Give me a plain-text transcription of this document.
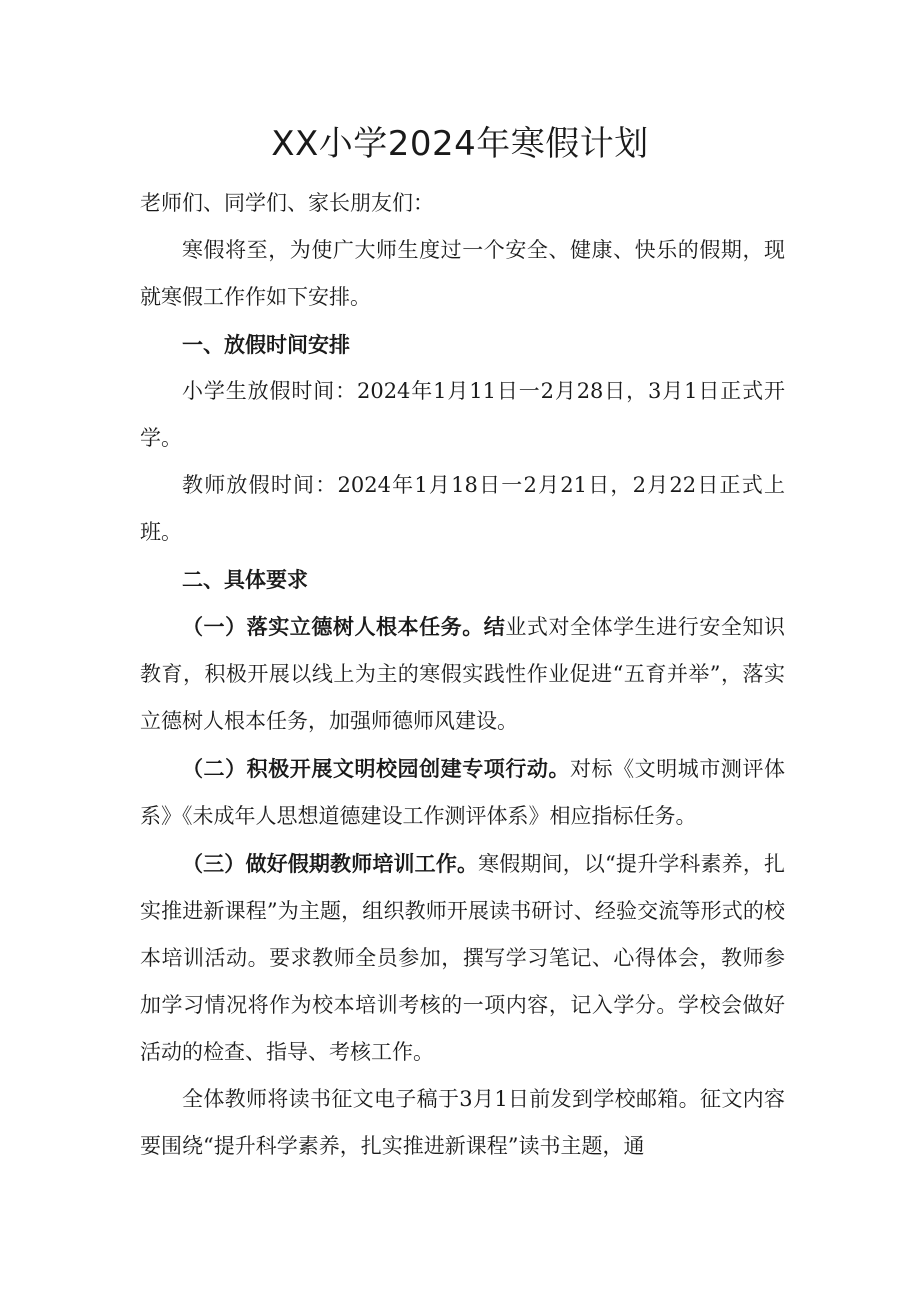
XX小学2024年寒假计划

老师们、同学们、家长朋友们：

寒假将至，为使广大师生度过一个安全、健康、快乐的假期，现就寒假工作作如下安排。

一、放假时间安排

小学生放假时间：2024年1月11日一2月28日，3月1日正式开学。

教师放假时间：2024年1月18日一2月21日，2月22日正式上班。

二、具体要求

（一）落实立德树人根本任务。结业式对全体学生进行安全知识教育，积极开展以线上为主的寒假实践性作业促进“五育并举”，落实立德树人根本任务，加强师德师风建设。

（二）积极开展文明校园创建专项行动。对标《文明城市测评体系》《未成年人思想道德建设工作测评体系》相应指标任务。

（三）做好假期教师培训工作。寒假期间，以“提升学科素养，扎实推进新课程”为主题，组织教师开展读书研讨、经验交流等形式的校本培训活动。要求教师全员参加，撰写学习笔记、心得体会，教师参加学习情况将作为校本培训考核的一项内容，记入学分。学校会做好活动的检查、指导、考核工作。

全体教师将读书征文电子稿于3月1日前发到学校邮箱。征文内容要围绕“提升科学素养，扎实推进新课程”读书主题，通
